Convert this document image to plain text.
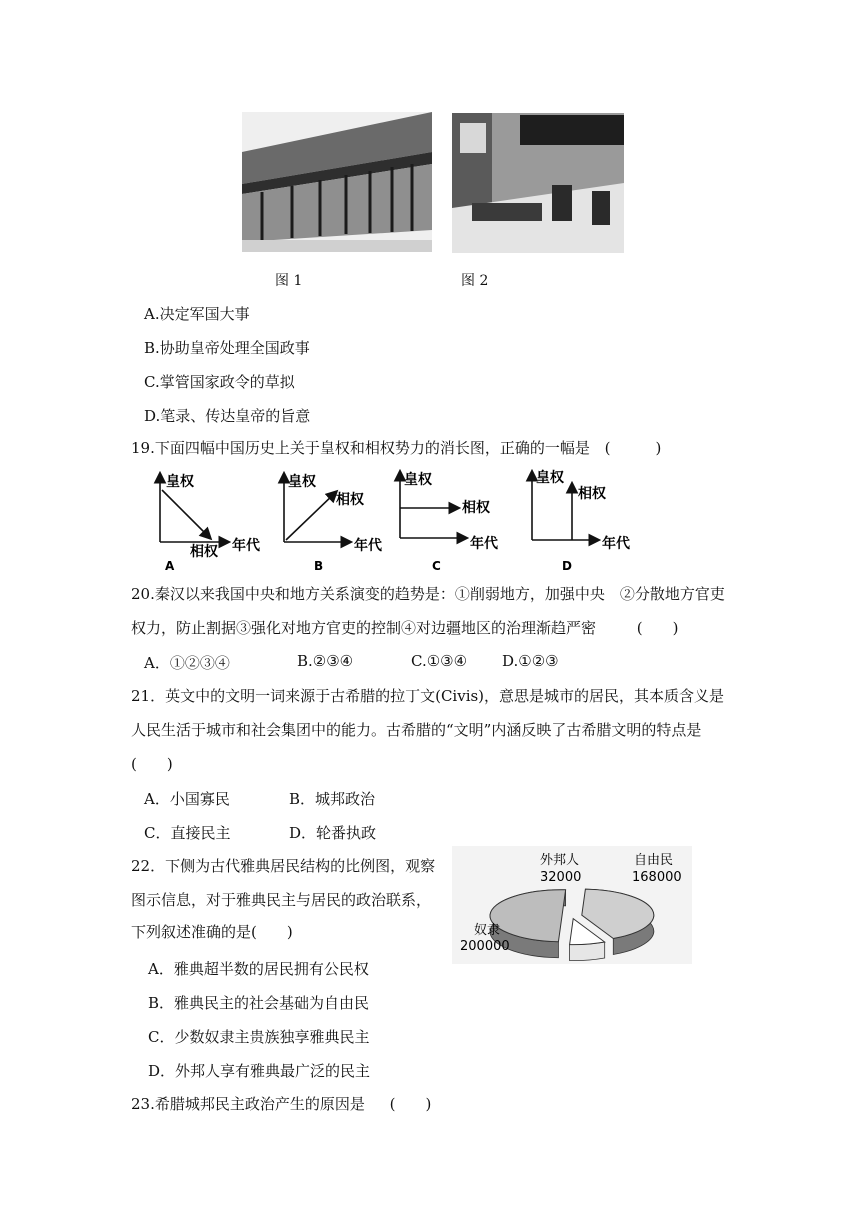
图 1	图 2
A.决定军国大事
B.协助皇帝处理全国政事
C.掌管国家政令的草拟
D.笔录、传达皇帝的旨意
19.下面四幅中国历史上关于皇权和相权势力的消长图，正确的一幅是 (　　　)
皇权
相权 年代
A
皇权
相权
年代
B
皇权
相权
年代
C
皇权
相权
年代
D
20.秦汉以来我国中央和地方关系演变的趋势是：①削弱地方，加强中央　②分散地方官吏
权力，防止割据③强化对地方官吏的控制④对边疆地区的治理渐趋严密	(　　)
A．①②③④	B.②③④	C.①③④ D.①②③
21．英文中的文明一词来源于古希腊的拉丁文(Civis)，意思是城市的居民，其本质含义是
人民生活于城市和社会集团中的能力。古希腊的“文明”内涵反映了古希腊文明的特点是
(　　)
A．小国寡民	B．城邦政治
C．直接民主	D．轮番执政
22．下侧为古代雅典居民结构的比例图，观察
图示信息，对于雅典民主与居民的政治联系，
下列叙述准确的是(　　)
A．雅典超半数的居民拥有公民权
B．雅典民主的社会基础为自由民
C．少数奴隶主贵族独享雅典民主
D．外邦人享有雅典最广泛的民主
外邦人
32000
自由民
168000
奴隶
200000
23.希腊城邦民主政治产生的原因是 (　　)
